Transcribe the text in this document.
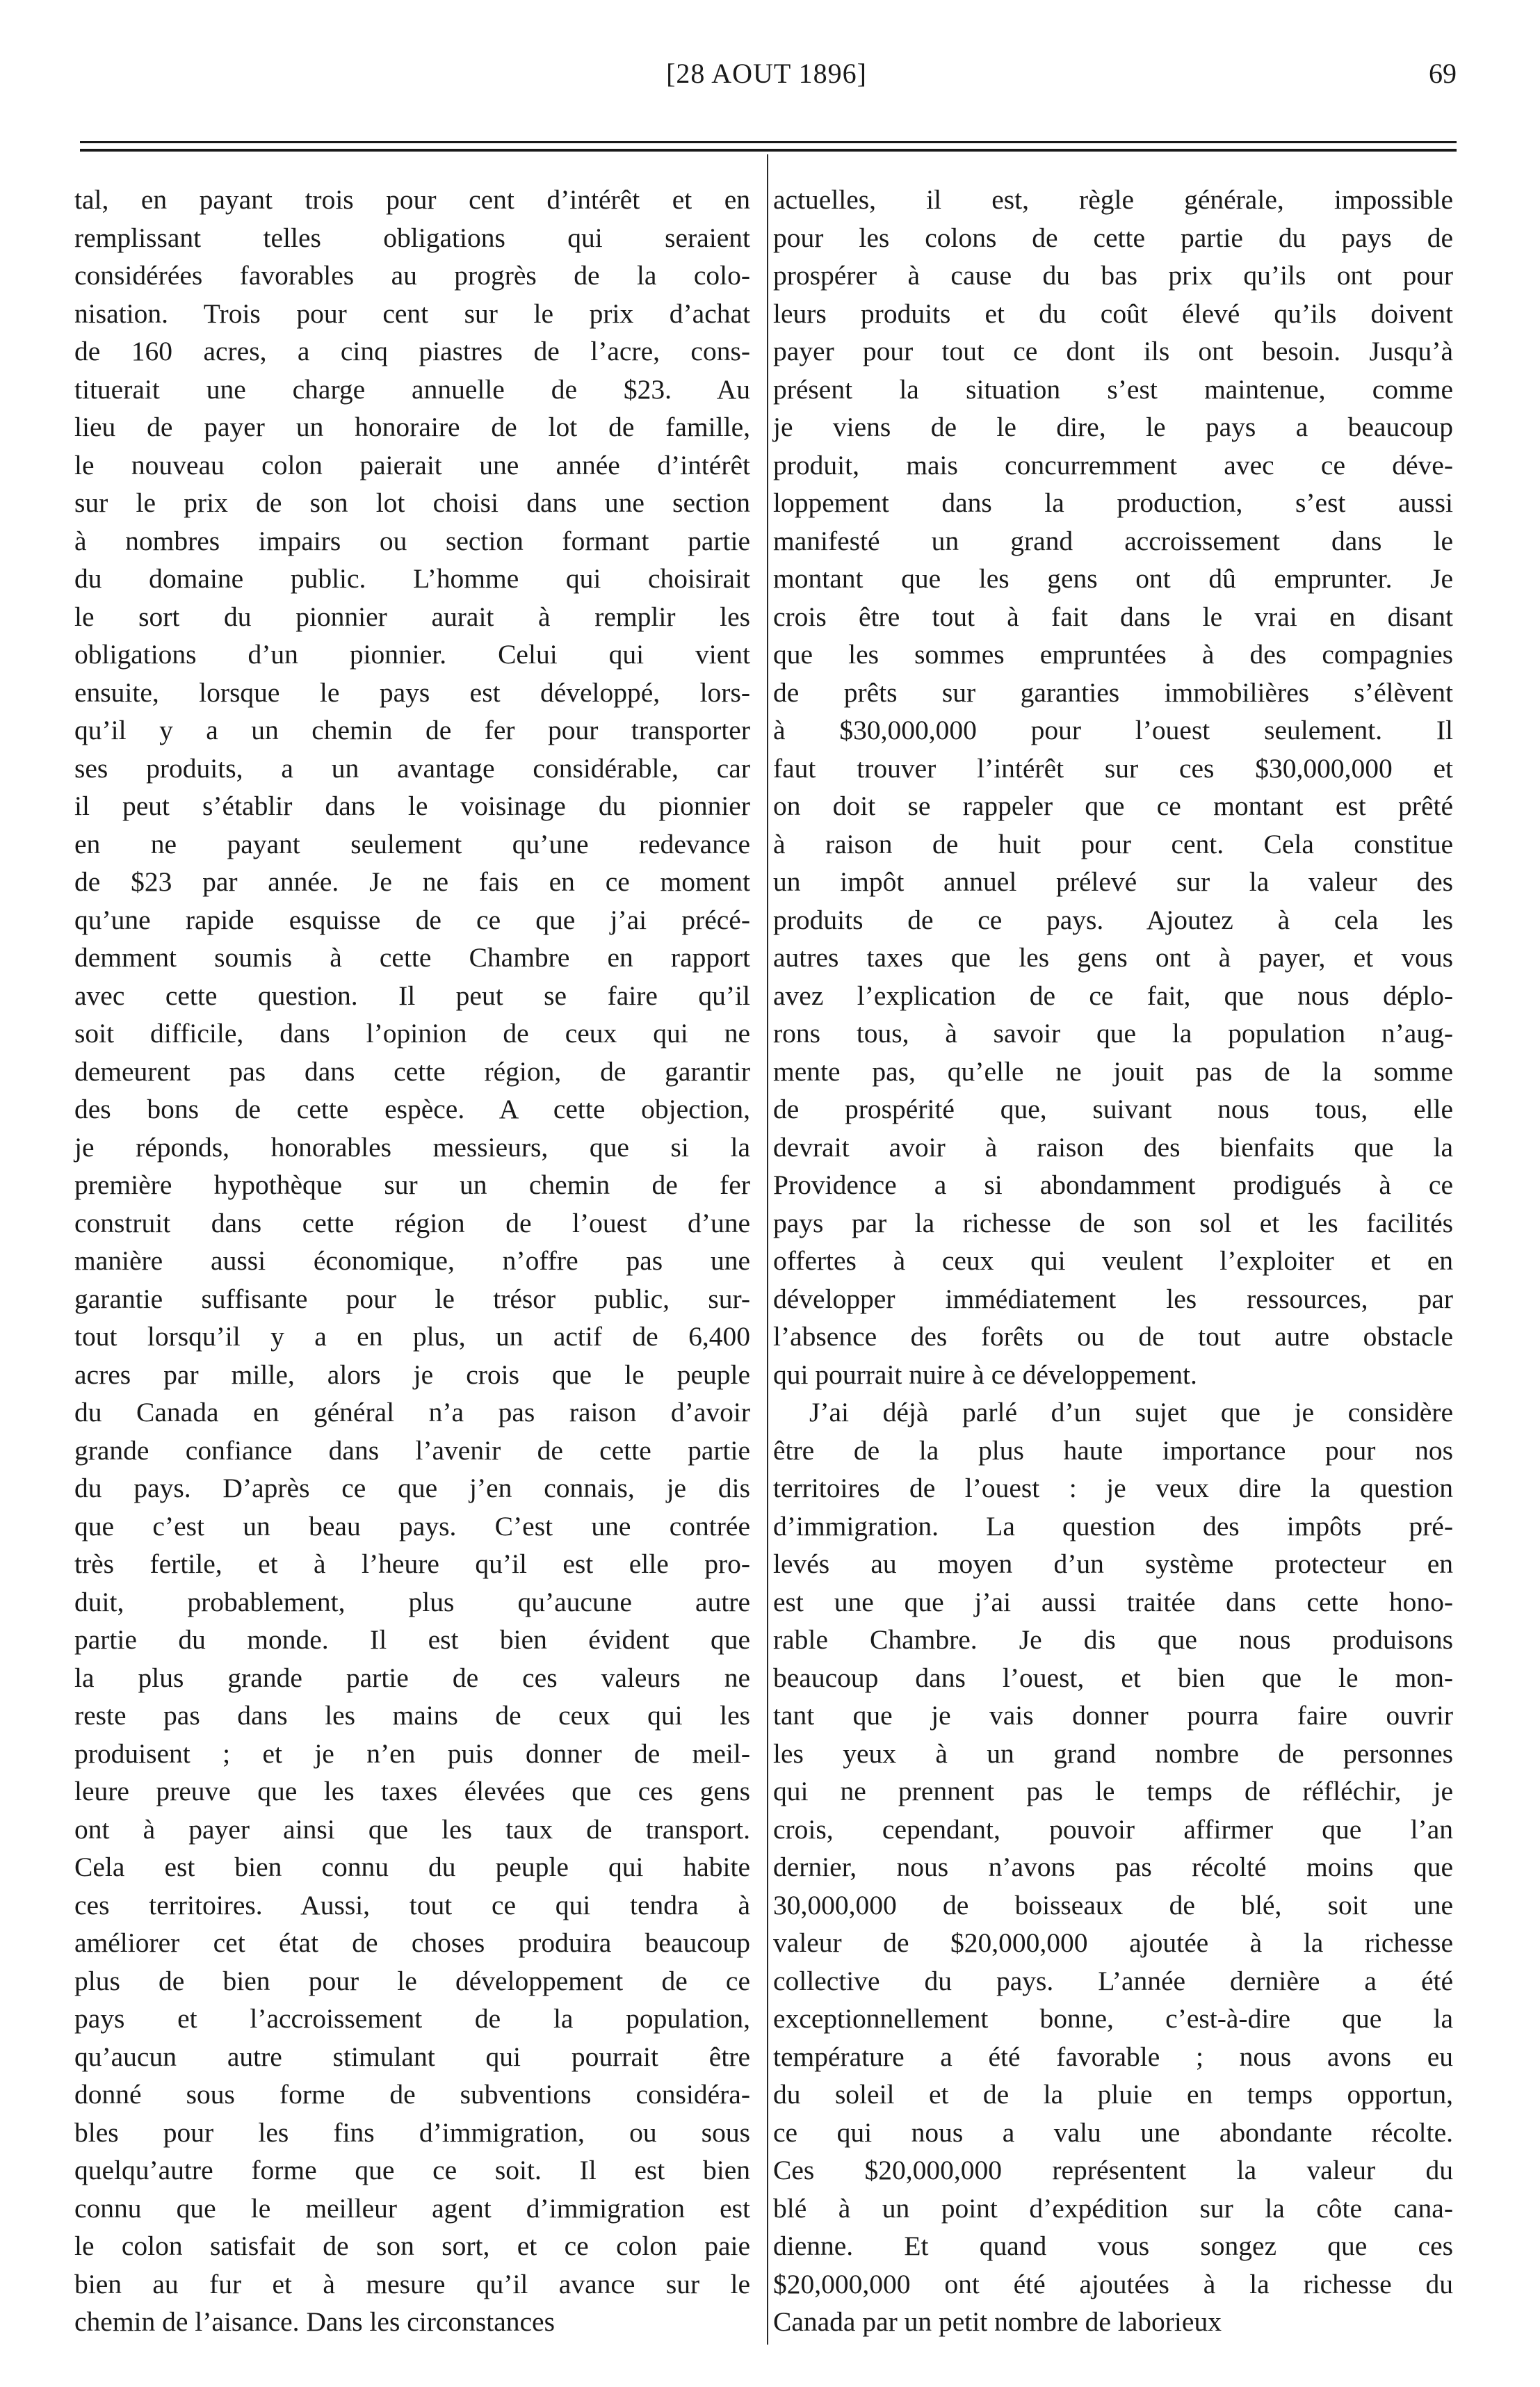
[28 AOUT 1896]	69
tal, en payant trois pour cent d’intérêt et en
remplissant telles obligations qui seraient
considérées favorables au progrès de la colo-
nisation. Trois pour cent sur le prix d’achat
de 160 acres, a cinq piastres de l’acre, cons-
tituerait une charge annuelle de $23. Au
lieu de payer un honoraire de lot de famille,
le nouveau colon paierait une année d’intérêt
sur le prix de son lot choisi dans une section
à nombres impairs ou section formant partie
du domaine public. L’homme qui choisirait
le sort du pionnier aurait à remplir les
obligations d’un pionnier. Celui qui vient
ensuite, lorsque le pays est développé, lors-
qu’il y a un chemin de fer pour transporter
ses produits, a un avantage considérable, car
il peut s’établir dans le voisinage du pionnier
en ne payant seulement qu’une redevance
de $23 par année. Je ne fais en ce moment
qu’une rapide esquisse de ce que j’ai précé-
demment soumis à cette Chambre en rapport
avec cette question. Il peut se faire qu’il
soit difficile, dans l’opinion de ceux qui ne
demeurent pas dans cette région, de garantir
des bons de cette espèce. A cette objection,
je réponds, honorables messieurs, que si la
première hypothèque sur un chemin de fer
construit dans cette région de l’ouest d’une
manière aussi économique, n’offre pas une
garantie suffisante pour le trésor public, sur-
tout lorsqu’il y a en plus, un actif de 6,400
acres par mille, alors je crois que le peuple
du Canada en général n’a pas raison d’avoir
grande confiance dans l’avenir de cette partie
du pays. D’après ce que j’en connais, je dis
que c’est un beau pays. C’est une contrée
très fertile, et à l’heure qu’il est elle pro-
duit, probablement, plus qu’aucune autre
partie du monde. Il est bien évident que
la plus grande partie de ces valeurs ne
reste pas dans les mains de ceux qui les
produisent ; et je n’en puis donner de meil-
leure preuve que les taxes élevées que ces gens
ont à payer ainsi que les taux de transport.
Cela est bien connu du peuple qui habite
ces territoires. Aussi, tout ce qui tendra à
améliorer cet état de choses produira beaucoup
plus de bien pour le développement de ce
pays et l’accroissement de la population,
qu’aucun autre stimulant qui pourrait être
donné sous forme de subventions considéra-
bles pour les fins d’immigration, ou sous
quelqu’autre forme que ce soit. Il est bien
connu que le meilleur agent d’immigration est
le colon satisfait de son sort, et ce colon paie
bien au fur et à mesure qu’il avance sur le
chemin de l’aisance. Dans les circonstances
actuelles, il est, règle générale, impossible
pour les colons de cette partie du pays de
prospérer à cause du bas prix qu’ils ont pour
leurs produits et du coût élevé qu’ils doivent
payer pour tout ce dont ils ont besoin. Jusqu’à
présent la situation s’est maintenue, comme
je viens de le dire, le pays a beaucoup
produit, mais concurremment avec ce déve-
loppement dans la production, s’est aussi
manifesté un grand accroissement dans le
montant que les gens ont dû emprunter. Je
crois être tout à fait dans le vrai en disant
que les sommes empruntées à des compagnies
de prêts sur garanties immobilières s’élèvent
à $30,000,000 pour l’ouest seulement. Il
faut trouver l’intérêt sur ces $30,000,000 et
on doit se rappeler que ce montant est prêté
à raison de huit pour cent. Cela constitue
un impôt annuel prélevé sur la valeur des
produits de ce pays. Ajoutez à cela les
autres taxes que les gens ont à payer, et vous
avez l’explication de ce fait, que nous déplo-
rons tous, à savoir que la population n’aug-
mente pas, qu’elle ne jouit pas de la somme
de prospérité que, suivant nous tous, elle
devrait avoir à raison des bienfaits que la
Providence a si abondamment prodigués à ce
pays par la richesse de son sol et les facilités
offertes à ceux qui veulent l’exploiter et en
développer immédiatement les ressources, par
l’absence des forêts ou de tout autre obstacle
qui pourrait nuire à ce développement.
J’ai déjà parlé d’un sujet que je considère
être de la plus haute importance pour nos
territoires de l’ouest : je veux dire la question
d’immigration. La question des impôts pré-
levés au moyen d’un système protecteur en
est une que j’ai aussi traitée dans cette hono-
rable Chambre. Je dis que nous produisons
beaucoup dans l’ouest, et bien que le mon-
tant que je vais donner pourra faire ouvrir
les yeux à un grand nombre de personnes
qui ne prennent pas le temps de réfléchir, je
crois, cependant, pouvoir affirmer que l’an
dernier, nous n’avons pas récolté moins que
30,000,000 de boisseaux de blé, soit une
valeur de $20,000,000 ajoutée à la richesse
collective du pays. L’année dernière a été
exceptionnellement bonne, c’est-à-dire que la
température a été favorable ; nous avons eu
du soleil et de la pluie en temps opportun,
ce qui nous a valu une abondante récolte.
Ces $20,000,000 représentent la valeur du
blé à un point d’expédition sur la côte cana-
dienne. Et quand vous songez que ces
$20,000,000 ont été ajoutées à la richesse du
Canada par un petit nombre de laborieux
